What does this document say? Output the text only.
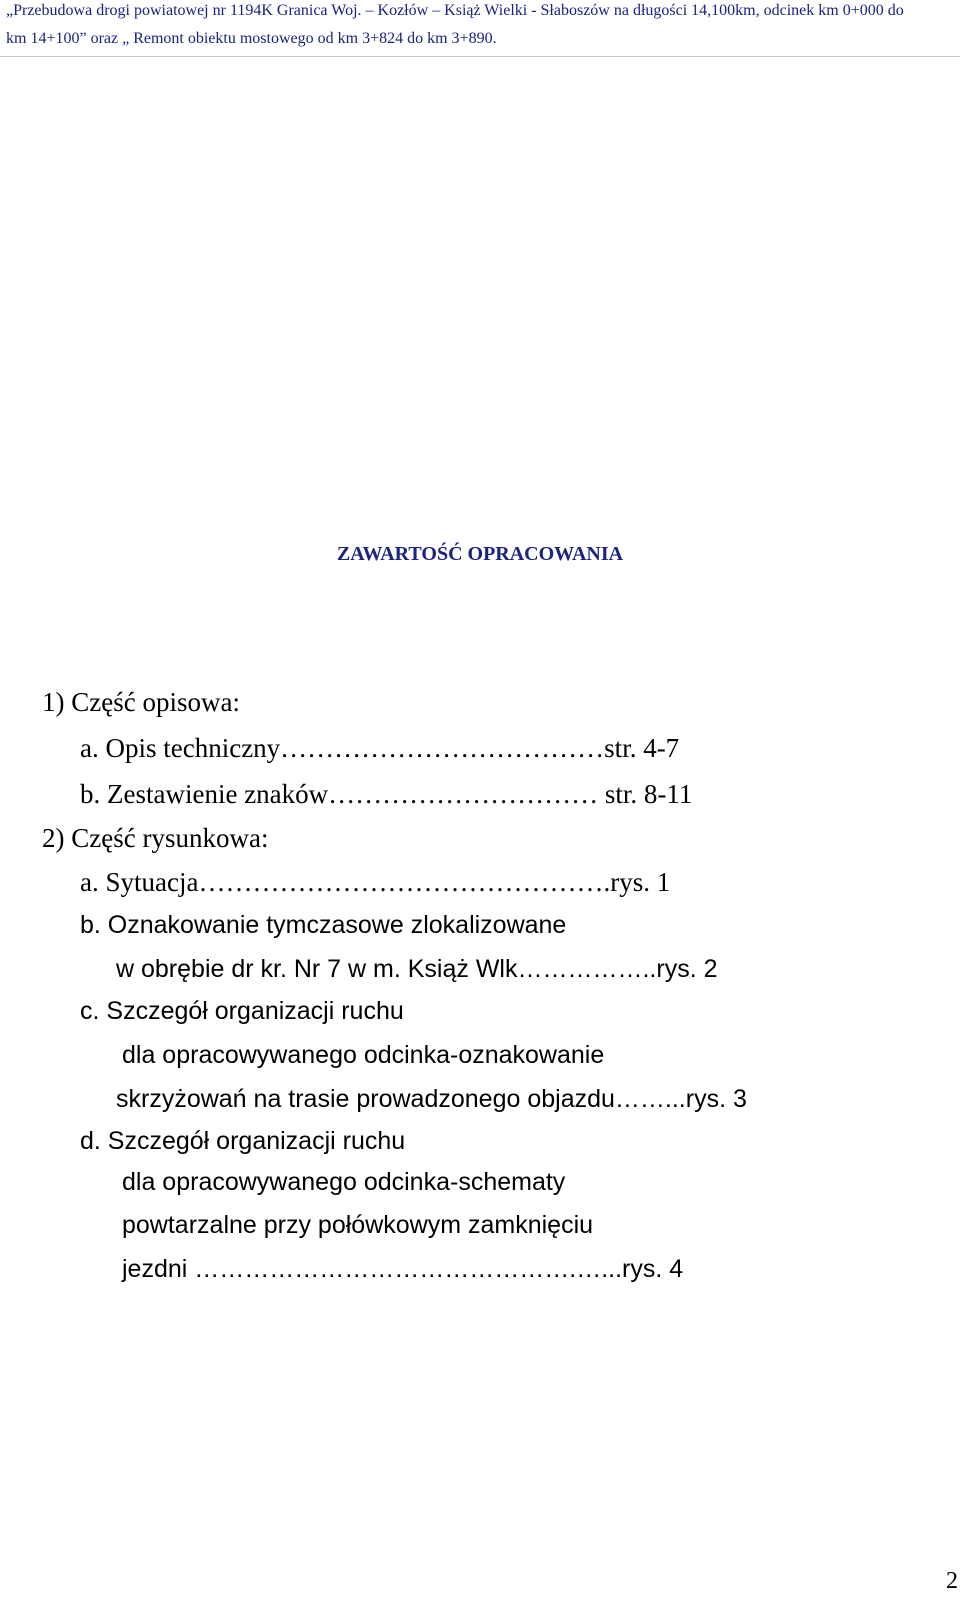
„Przebudowa drogi powiatowej nr 1194K Granica Woj. – Kozłów – Książ Wielki - Słaboszów na długości 14,100km, odcinek km 0+000 do
km 14+100” oraz „ Remont obiektu mostowego od km 3+824 do km 3+890.
ZAWARTOŚĆ OPRACOWANIA
1) Część opisowa:
a. Opis techniczny………………………………str. 4-7
b. Zestawienie znaków………………………… str. 8-11
2) Część rysunkowa:
a. Sytuacja……………………………………….rys. 1
b. Oznakowanie tymczasowe zlokalizowane
w obrębie dr kr. Nr 7 w m. Książ Wlk……………..rys. 2
c. Szczegół organizacji ruchu
dla opracowywanego odcinka-oznakowanie
skrzyżowań na trasie prowadzonego objazdu……...rys. 3
d. Szczegół organizacji ruchu
dla opracowywanego odcinka-schematy
powtarzalne przy połówkowym zamknięciu
jezdni ……………………………………….…...rys. 4
2
